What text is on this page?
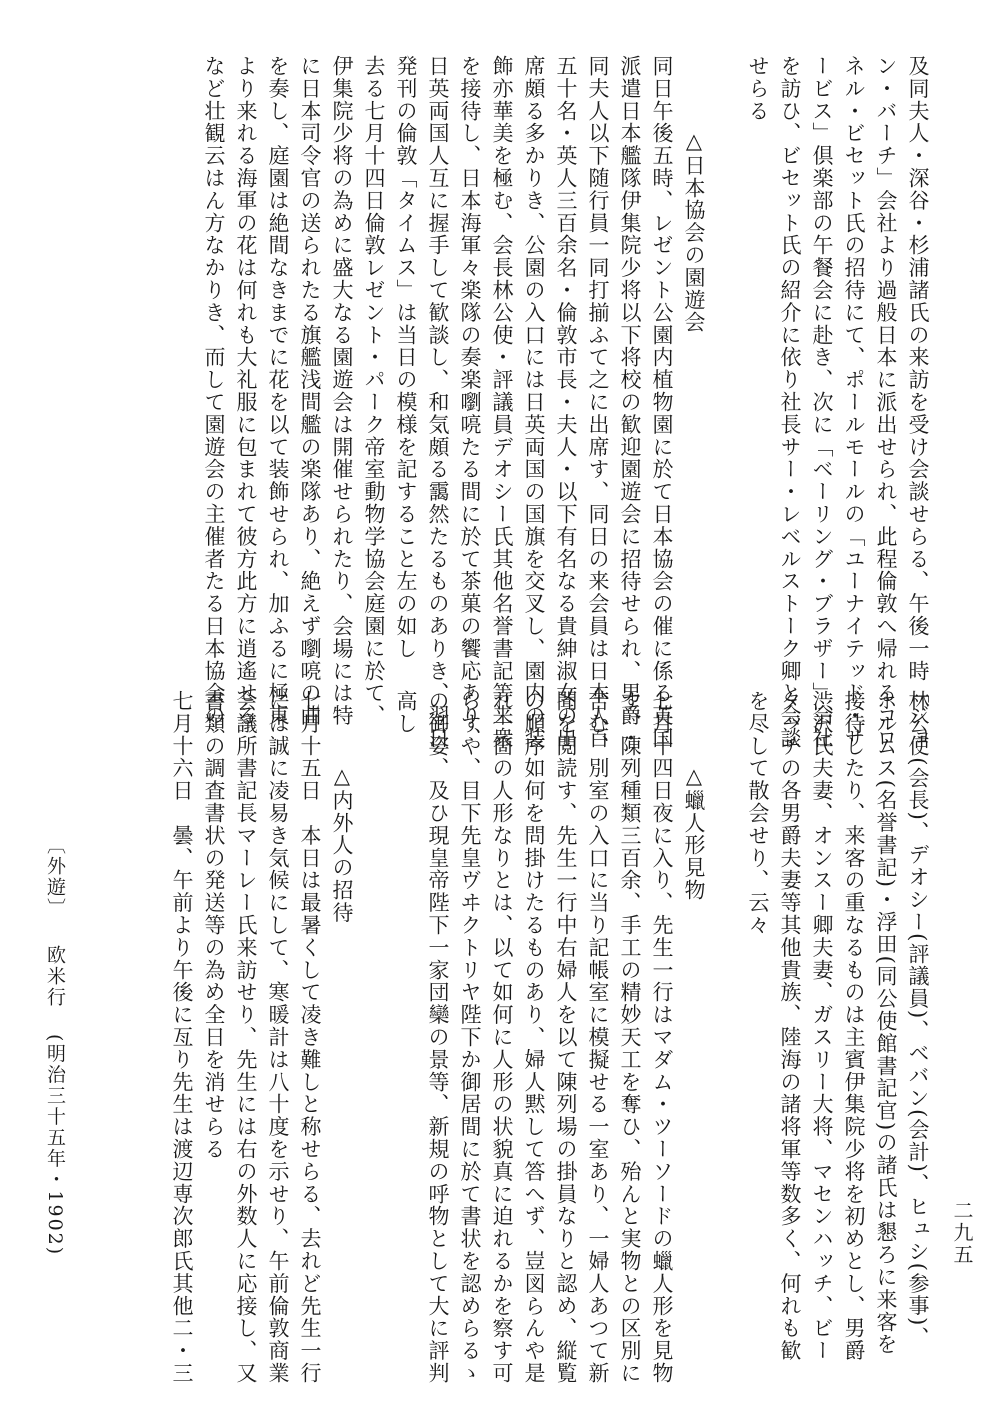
及同夫人・深谷・杉浦諸氏の来訪を受け会談せらる、午後一時「ジョ
ン・バーチ」会社より過般日本に派出せられ、此程倫敦へ帰れるコロ
ネル・ビセット氏の招待にて、ポールモールの「ユーナイテッド・サ
ービス」倶楽部の午餐会に赴き、次に「ベーリング・ブラザー」会社
を訪ひ、ビセット氏の紹介に依り社長サー・レベルストーク卿と会談
せらる
△日本協会の園遊会
同日午後五時、レゼント公園内植物園に於て日本協会の催に係る英国
派遣日本艦隊伊集院少将以下将校の歓迎園遊会に招待せられ、男爵・
同夫人以下随行員一同打揃ふて之に出席す、同日の来会員は日本人百
五十名・英人三百余名・倫敦市長・夫人・以下有名なる貴紳淑女の出
席頗る多かりき、公園の入口には日英両国の国旗を交叉し、園内の装
飾亦華美を極む、会長林公使・評議員デオシー氏其他名誉書記等来衆
を接待し、日本海軍々楽隊の奏楽嚠喨たる間に於て茶菓の饗応あり、
日英両国人互に握手して歓談し、和気頗る靄然たるものありき、翌日
発刊の倫敦「タイムス」は当日の模様を記すること左の如し
去る七月十四日倫敦レゼント・パーク帝室動物学協会庭園に於て、
伊集院少将の為めに盛大なる園遊会は開催せられたり、会場には特
に日本司令官の送られたる旗艦浅間艦の楽隊あり、絶えず嚠喨の曲
を奏し、庭園は絶間なきまでに花を以て装飾せられ、加ふるに極東
より来れる海軍の花は何れも大礼服に包まれて彼方此方に逍遙せる
など壮観云はん方なかりき、而して園遊会の主催者たる日本協会の
林公使(会長)、デオシー(評議員)、ベバン(会計)、ヒュシ(参事)、
ホルムス(名誉書記)・浮田(同公使館書記官)の諸氏は懇ろに来客を
接待したり、来客の重なるものは主賓伊集院少将を初めとし、男爵
渋沢氏夫妻、オンスー卿夫妻、ガスリー大将、マセンハッチ、ビー
タッチの各男爵夫妻等其他貴族、陸海の諸将軍等数多く、何れも歓
を尽して散会せり、云々
△蠟人形見物
七月十四日夜に入り、先生一行はマダム・ツーソードの蠟人形を見物
す、陳列種類三百余、手工の精妙天工を奪ひ、殆んと実物との区別に
苦む、別室の入口に当り記帳室に模擬せる一室あり、一婦人あつて新
聞を閲読す、先生一行中右婦人を以て陳列場の掛員なりと認め、縦覧
の順序如何を問掛けたるものあり、婦人黙して答へず、豈図らんや是
れ一箇の人形なりとは、以て如何に人形の状貌真に迫れるかを察す可
らすや、目下先皇ヴヰクトリヤ陛下か御居間に於て書状を認めらるゝ
の御姿、及ひ現皇帝陛下一家団欒の景等、新規の呼物として大に評判
高し
△内外人の招待
七月十五日　本日は最暑くして凌き難しと称せらる、去れど先生一行
には誠に凌易き気候にして、寒暖計は八十度を示せり、午前倫敦商業
会議所書記長マーレー氏来訪せり、先生には右の外数人に応接し、又
書類の調査書状の発送等の為め全日を消せらる
七月十六日　曇、午前より午後に亙り先生は渡辺専次郎氏其他二・三
〔外遊〕 欧米行 (明治三十五年・1902)	二九五
